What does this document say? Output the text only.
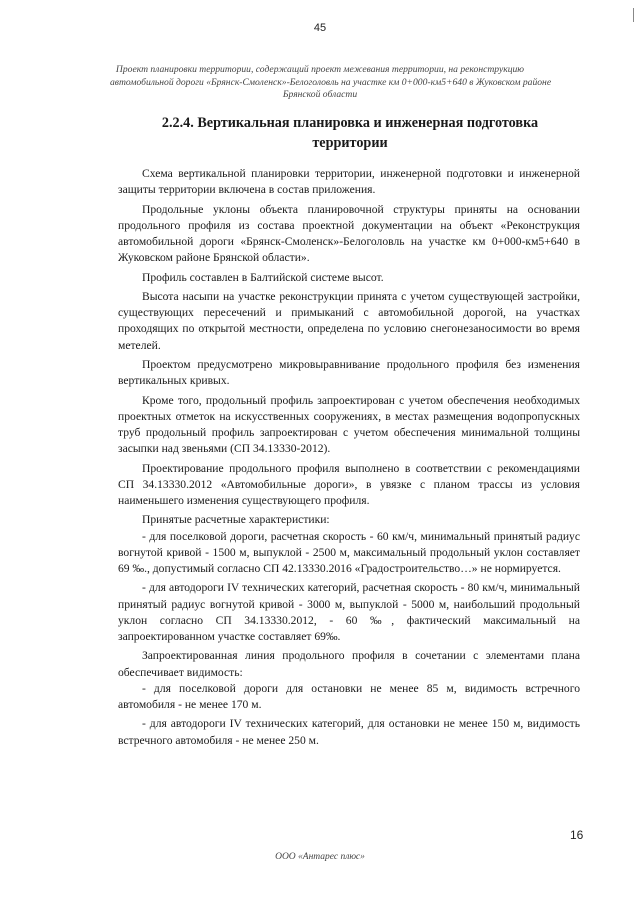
45
Проект планировки территории, содержащий проект межевания территории, на реконструкцию
автомобильной дороги «Брянск-Смоленск»-Белоголовль на участке км 0+000-км5+640 в Жуковском районе
Брянской области
2.2.4. Вертикальная планировка и инженерная подготовка
территории

Схема вертикальной планировки территории, инженерной подготовки и инженерной защиты территории включена в состав приложения.

Продольные уклоны объекта планировочной структуры приняты на основании продольного профиля из состава проектной документации на объект «Реконструкция автомобильной дороги «Брянск-Смоленск»-Белоголовль на участке км 0+000-км5+640 в Жуковском районе Брянской области».

Профиль составлен в Балтийской системе высот.

Высота насыпи на участке реконструкции принята с учетом существующей застройки, существующих пересечений и примыканий с автомобильной дорогой, на участках проходящих по открытой местности, определена по условию снегонезаносимости во время метелей.

Проектом предусмотрено микровыравнивание продольного профиля без изменения вертикальных кривых.

Кроме того, продольный профиль запроектирован с учетом обеспечения необходимых проектных отметок на искусственных сооружениях, в местах размещения водопропускных труб продольный профиль запроектирован с учетом обеспечения минимальной толщины засыпки над звеньями (СП 34.13330-2012).

Проектирование продольного профиля выполнено в соответствии с рекомендациями СП 34.13330.2012 «Автомобильные дороги», в увязке с планом трассы из условия наименьшего изменения существующего профиля.

Принятые расчетные характеристики:

- для поселковой дороги, расчетная скорость - 60 км/ч, минимальный принятый радиус вогнутой кривой - 1500 м, выпуклой - 2500 м, максимальный продольный уклон составляет 69 ‰., допустимый согласно СП 42.13330.2016 «Градостроительство…» не нормируется.

- для автодороги IV технических категорий, расчетная скорость - 80 км/ч, минимальный принятый радиус вогнутой кривой - 3000 м, выпуклой - 5000 м, наибольший продольный уклон согласно СП 34.13330.2012, - 60 ‰, фактический максимальный на запроектированном участке составляет 69‰.

Запроектированная линия продольного профиля в сочетании с элементами плана обеспечивает видимость:

- для поселковой дороги для остановки не менее 85 м, видимость встречного автомобиля - не менее 170 м.

- для автодороги IV технических категорий, для остановки не менее 150 м, видимость встречного автомобиля - не менее 250 м.

16
ООО «Антарес плюс»
